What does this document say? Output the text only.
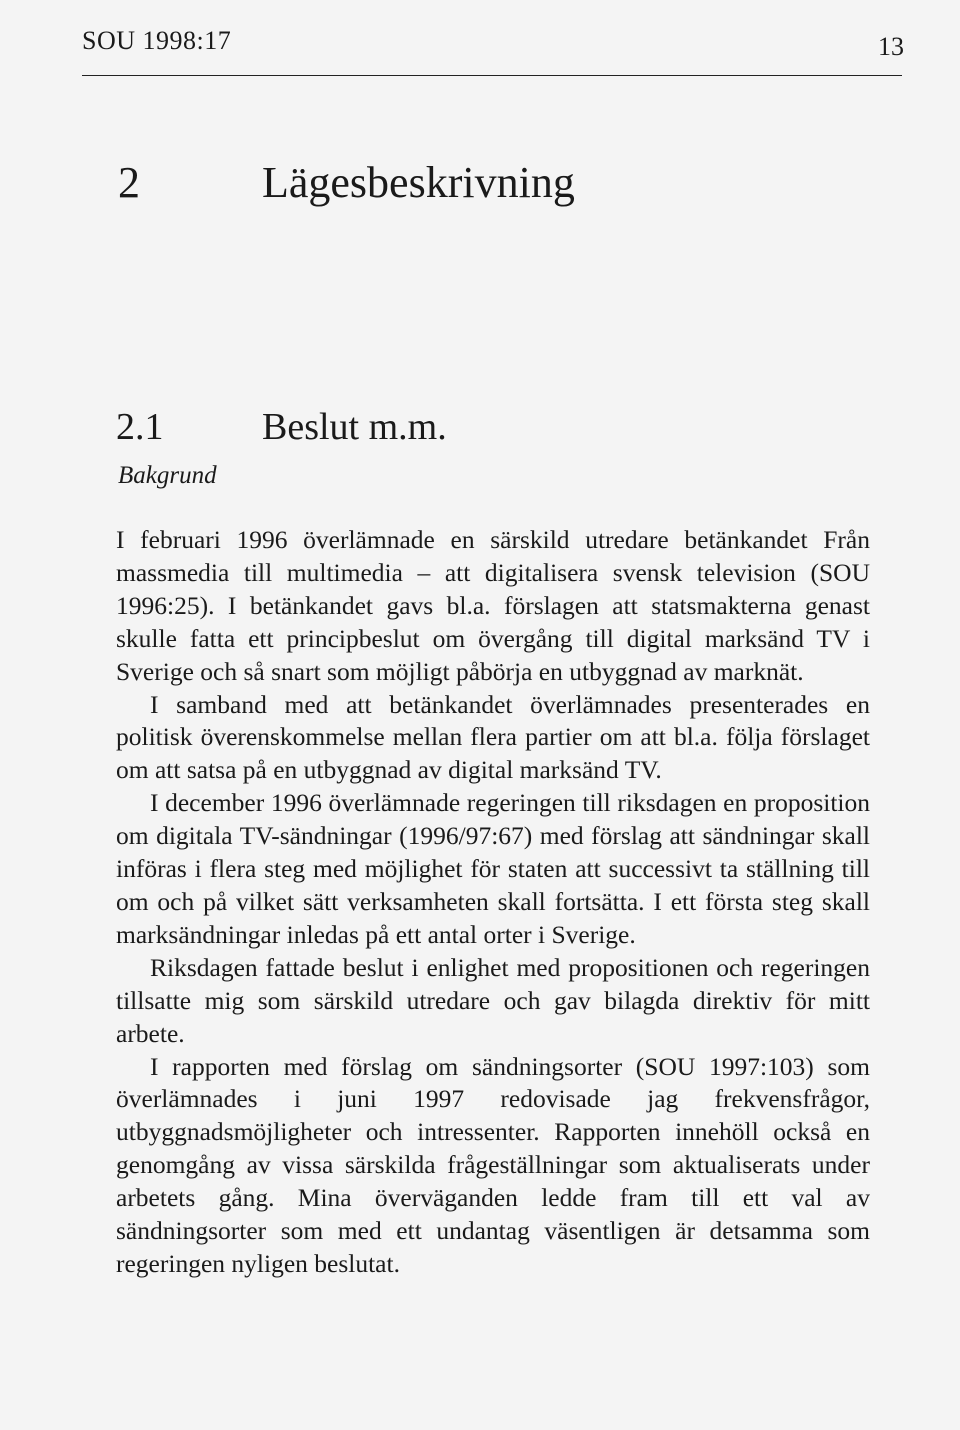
SOU 1998:17	13
2	Lägesbeskrivning
2.1	Beslut m.m.
Bakgrund

I februari 1996 överlämnade en särskild utredare betänkandet Från massmedia till multimedia – att digitalisera svensk television (SOU 1996:25). I betänkandet gavs bl.a. förslagen att statsmakterna genast skulle fatta ett principbeslut om övergång till digital marksänd TV i Sverige och så snart som möjligt påbörja en utbyggnad av marknät.

I samband med att betänkandet överlämnades presenterades en politisk överenskommelse mellan flera partier om att bl.a. följa förslaget om att satsa på en utbyggnad av digital marksänd TV.

I december 1996 överlämnade regeringen till riksdagen en proposition om digitala TV-sändningar (1996/97:67) med förslag att sändningar skall införas i flera steg med möjlighet för staten att successivt ta ställning till om och på vilket sätt verksamheten skall fortsätta. I ett första steg skall marksändningar inledas på ett antal orter i Sverige.

Riksdagen fattade beslut i enlighet med propositionen och regeringen tillsatte mig som särskild utredare och gav bilagda direktiv för mitt arbete.

I rapporten med förslag om sändningsorter (SOU 1997:103) som överlämnades i juni 1997 redovisade jag frekvensfrågor, utbyggnadsmöjligheter och intressenter. Rapporten innehöll också en genomgång av vissa särskilda frågeställningar som aktualiserats under arbetets gång. Mina överväganden ledde fram till ett val av sändningsorter som med ett undantag väsentligen är detsamma som regeringen nyligen beslutat.
